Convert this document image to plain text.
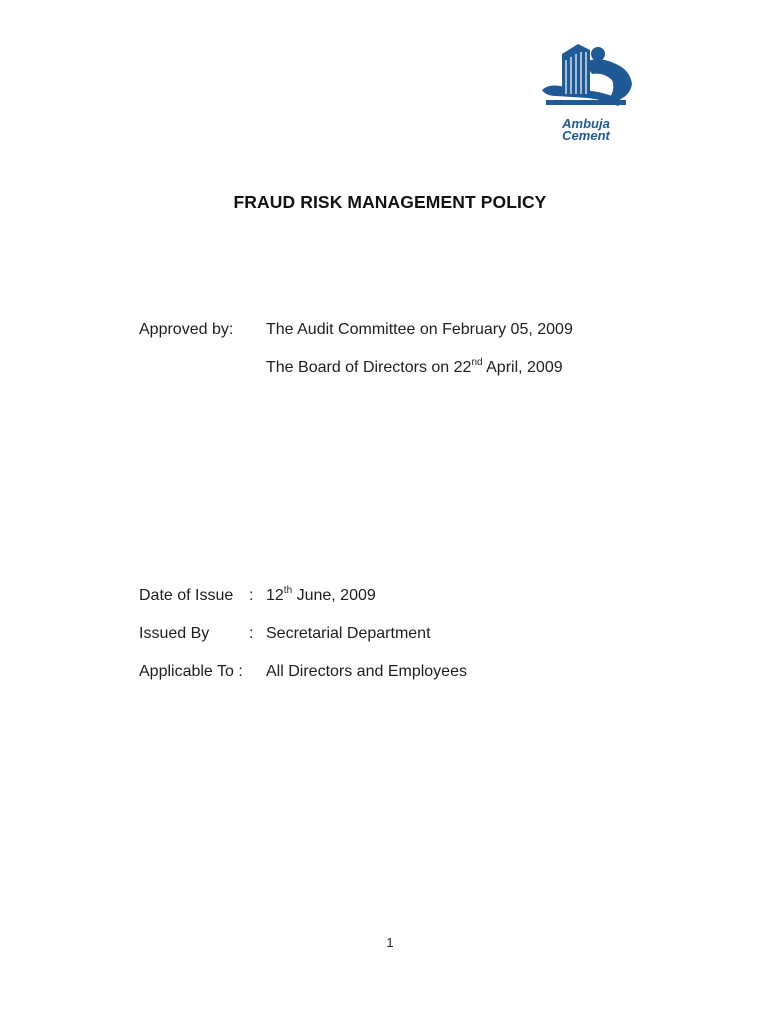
Ambuja
Cement
FRAUD RISK MANAGEMENT POLICY
Approved by: The Audit Committee on February 05, 2009
The Board of Directors on 22nd April, 2009
Date of Issue : 12th June, 2009
Issued By : Secretarial Department
Applicable To : All Directors and Employees
1
